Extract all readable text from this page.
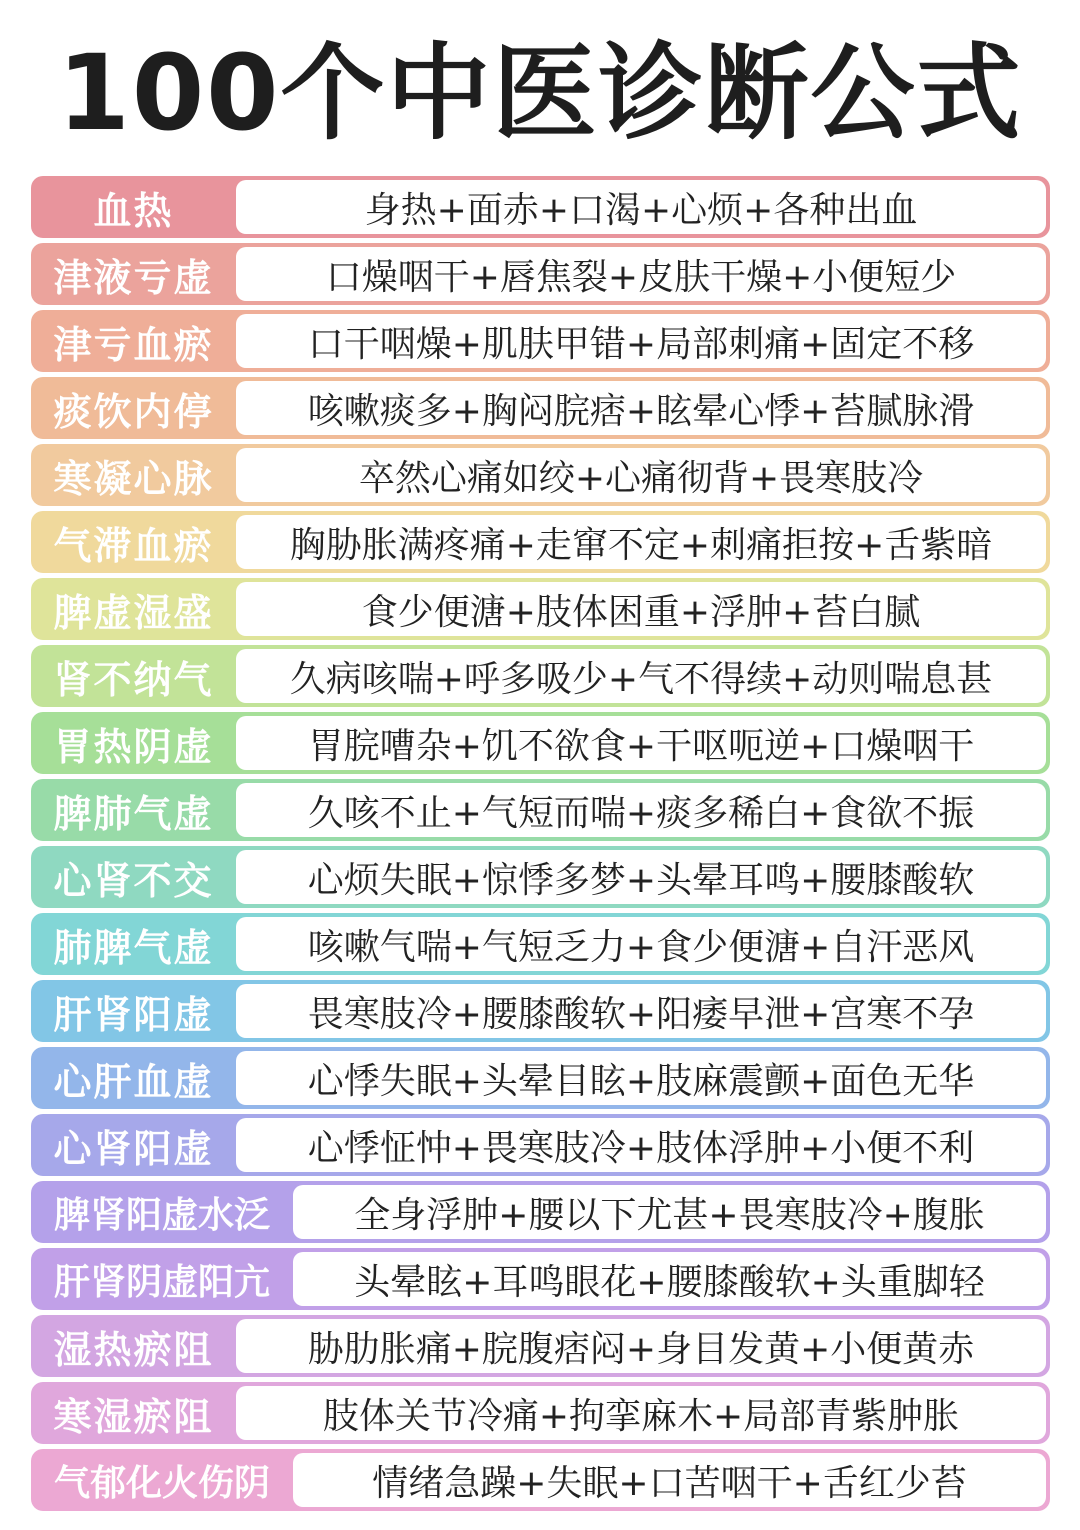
100个中医诊断公式
血热	身热+面赤+口渴+心烦+各种出血
津液亏虚	口燥咽干+唇焦裂+皮肤干燥+小便短少
津亏血瘀	口干咽燥+肌肤甲错+局部刺痛+固定不移
痰饮内停	咳嗽痰多+胸闷脘痞+眩晕心悸+苔腻脉滑
寒凝心脉	卒然心痛如绞+心痛彻背+畏寒肢冷
气滞血瘀	胸胁胀满疼痛+走窜不定+刺痛拒按+舌紫暗
脾虚湿盛	食少便溏+肢体困重+浮肿+苔白腻
肾不纳气	久病咳喘+呼多吸少+气不得续+动则喘息甚
胃热阴虚	胃脘嘈杂+饥不欲食+干呕呃逆+口燥咽干
脾肺气虚	久咳不止+气短而喘+痰多稀白+食欲不振
心肾不交	心烦失眠+惊悸多梦+头晕耳鸣+腰膝酸软
肺脾气虚	咳嗽气喘+气短乏力+食少便溏+自汗恶风
肝肾阳虚	畏寒肢冷+腰膝酸软+阳痿早泄+宫寒不孕
心肝血虚	心悸失眠+头晕目眩+肢麻震颤+面色无华
心肾阳虚	心悸怔忡+畏寒肢冷+肢体浮肿+小便不利
脾肾阳虚水泛	全身浮肿+腰以下尤甚+畏寒肢冷+腹胀
肝肾阴虚阳亢	头晕眩+耳鸣眼花+腰膝酸软+头重脚轻
湿热瘀阻	胁肋胀痛+脘腹痞闷+身目发黄+小便黄赤
寒湿瘀阻	肢体关节冷痛+拘挛麻木+局部青紫肿胀
气郁化火伤阴	情绪急躁+失眠+口苦咽干+舌红少苔
